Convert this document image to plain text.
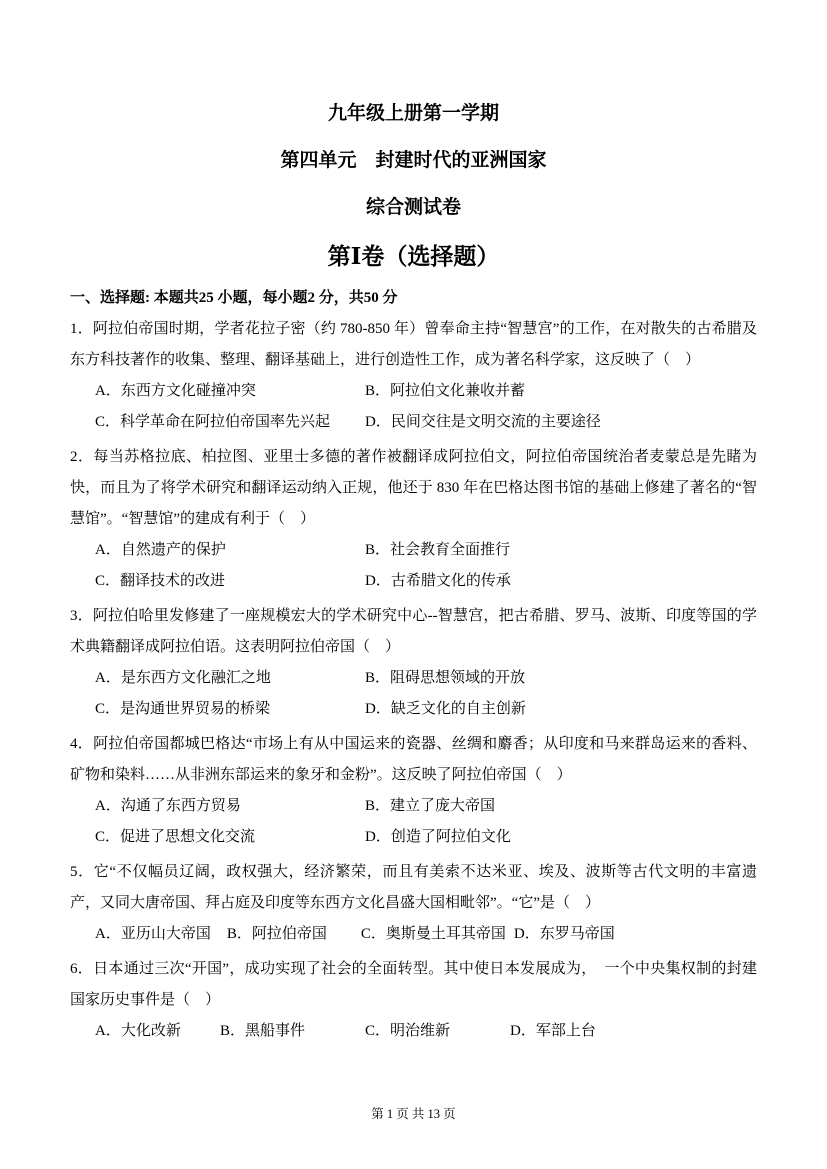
九年级上册第一学期
第四单元　封建时代的亚洲国家
综合测试卷
第Ⅰ卷（选择题）
一、选择题: 本题共25 小题，每小题2 分，共50 分

1．阿拉伯帝国时期，学者花拉子密（约 780-850 年）曾奉命主持“智慧宫”的工作，在对散失的古希腊及东方科技著作的收集、整理、翻译基础上，进行创造性工作，成为著名科学家，这反映了（　）

A．东西方文化碰撞冲突	B．阿拉伯文化兼收并蓄
C．科学革命在阿拉伯帝国率先兴起	D．民间交往是文明交流的主要途径

2．每当苏格拉底、柏拉图、亚里士多德的著作被翻译成阿拉伯文，阿拉伯帝国统治者麦蒙总是先睹为快，而且为了将学术研究和翻译运动纳入正规，他还于 830 年在巴格达图书馆的基础上修建了著名的“智慧馆”。“智慧馆”的建成有利于（　）

A．自然遗产的保护	B．社会教育全面推行
C．翻译技术的改进	D．古希腊文化的传承

3．阿拉伯哈里发修建了一座规模宏大的学术研究中心--智慧宫，把古希腊、罗马、波斯、印度等国的学术典籍翻译成阿拉伯语。这表明阿拉伯帝国（　）

A．是东西方文化融汇之地	B．阻碍思想领域的开放
C．是沟通世界贸易的桥梁	D．缺乏文化的自主创新

4．阿拉伯帝国都城巴格达“市场上有从中国运来的瓷器、丝绸和麝香；从印度和马来群岛运来的香料、矿物和染料……从非洲东部运来的象牙和金粉”。这反映了阿拉伯帝国（　）

A．沟通了东西方贸易	B．建立了庞大帝国
C．促进了思想文化交流	D．创造了阿拉伯文化

5．它“不仅幅员辽阔，政权强大，经济繁荣，而且有美索不达米亚、埃及、波斯等古代文明的丰富遗产，又同大唐帝国、拜占庭及印度等东西方文化昌盛大国相毗邻”。“它”是（　）

A．亚历山大帝国 B．阿拉伯帝国 C．奥斯曼土耳其帝国 D．东罗马帝国

6．日本通过三次“开国”，成功实现了社会的全面转型。其中使日本发展成为，　一个中央集权制的封建国家历史事件是（　）

A．大化改新	B．黑船事件	C．明治维新	D．军部上台
第 1 页 共 13 页
